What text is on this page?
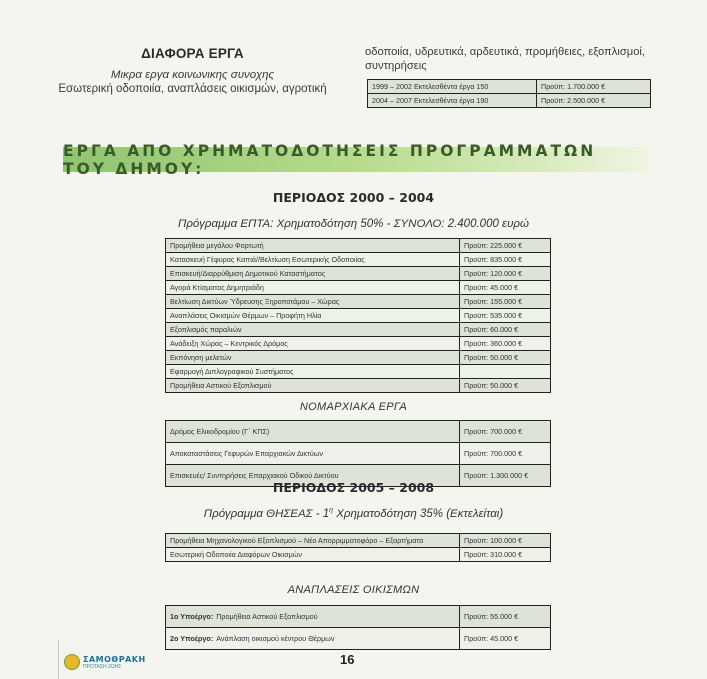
ΔΙΑΦΟΡΑ ΕΡΓΑ
Μικρα εργα κοινωνικης συνοχης
Εσωτερική οδοποιία, αναπλάσεις οικισμών, αγροτική
οδοποιία, υδρευτικά, αρδευτικά, προμήθειες, εξοπλισμοί,
συντηρήσεις
1999 – 2002 Εκτελεσθέντα έργα 150	Προϋπ: 1.700.000 €
2004 – 2007 Εκτελεσθέντα έργα 190	Προϋπ: 2.500.000 €
ΕΡΓΑ ΑΠΟ ΧΡΗΜΑΤΟΔΟΤΗΣΕΙΣ ΠΡΟΓΡΑΜΜΑΤΩΝ ΤΟΥ ΔΗΜΟΥ:
ΠΕΡΙΟΔΟΣ 2000 – 2004
Πρόγραμμα ΕΠΤΑ: Χρηματοδότηση 50% - ΣΥΝΟΛΟ: 2.400.000 ευρώ
Προμήθεια μεγάλου Φορτωτή	Προϋπ: 225.000 €
Κατασκευή Γέφυρας Καπιά//Βελτίωση Εσωτερικής Οδοποιίας	Προϋπ: 835.000 €
Επισκευή/Διαρρύθμιση Δημοτικού Καταστήματος	Προϋπ: 120.000 €
Αγορά Κτίσματος Δημητριάδη	Προϋπ: 45.000 €
Βελτίωση Δικτύων Ύδρευσης Ξηροποτάμου – Χώρας	Προϋπ: 155.000 €
Αναπλάσεις Οικισμών Θέρμων – Προφήτη Ηλία	Προϋπ: 535.000 €
Εξοπλισμός παραλιών	Προϋπ: 60.000 €
Ανάδειξη Χώρας – Κεντρικός Δρόμος	Προϋπ: 360.000 €
Εκπόνηση μελετών	Προϋπ: 50.000 €
Εφαρμογή Διπλογραφικού Συστήματος	
Προμήθεια Αστικού Εξοπλισμού	Προϋπ: 50.000 €
ΝΟΜΑΡΧΙΑΚΑ ΕΡΓΑ
Δρόμος Ελικοδρομίου (Γ΄ ΚΠΣ)	Προϋπ: 700.000 €
Αποκαταστάσεις Γεφυρών Επαρχιακών Δικτύων	Προϋπ: 700.000 €
Επισκευές/ Συντηρήσεις Επαρχιακού Οδικού Δικτύου	Προϋπ: 1.300.000 €
ΠΕΡΙΟΔΟΣ 2005 – 2008
Πρόγραμμα ΘΗΣΕΑΣ - $1^\eta$ Χρηματοδότηση 35% (Εκτελείται)
Προμήθεια Μηχανολογικού Εξοπλισμού – Νέο Απορριμματοφόρο – Εξαρτήματα	Προϋπ: 100.000 €
Εσωτερική Οδοποιία Διαφόρων Οικισμών	Προϋπ: 310.000 €
ΑΝΑΠΛΑΣΕΙΣ ΟΙΚΙΣΜΩΝ
1ο Υποέργο: Προμήθεια Αστικού Εξοπλισμού	Προϋπ: 55.000 €
2ο Υποέργο: Ανάπλαση οικισμού κέντρου Θέρμων	Προϋπ: 45.000 €
ΣΑΜΟΘΡΑΚΗ
ΠΡΟΤΑΣΗ ΖΩΗΣ	16
